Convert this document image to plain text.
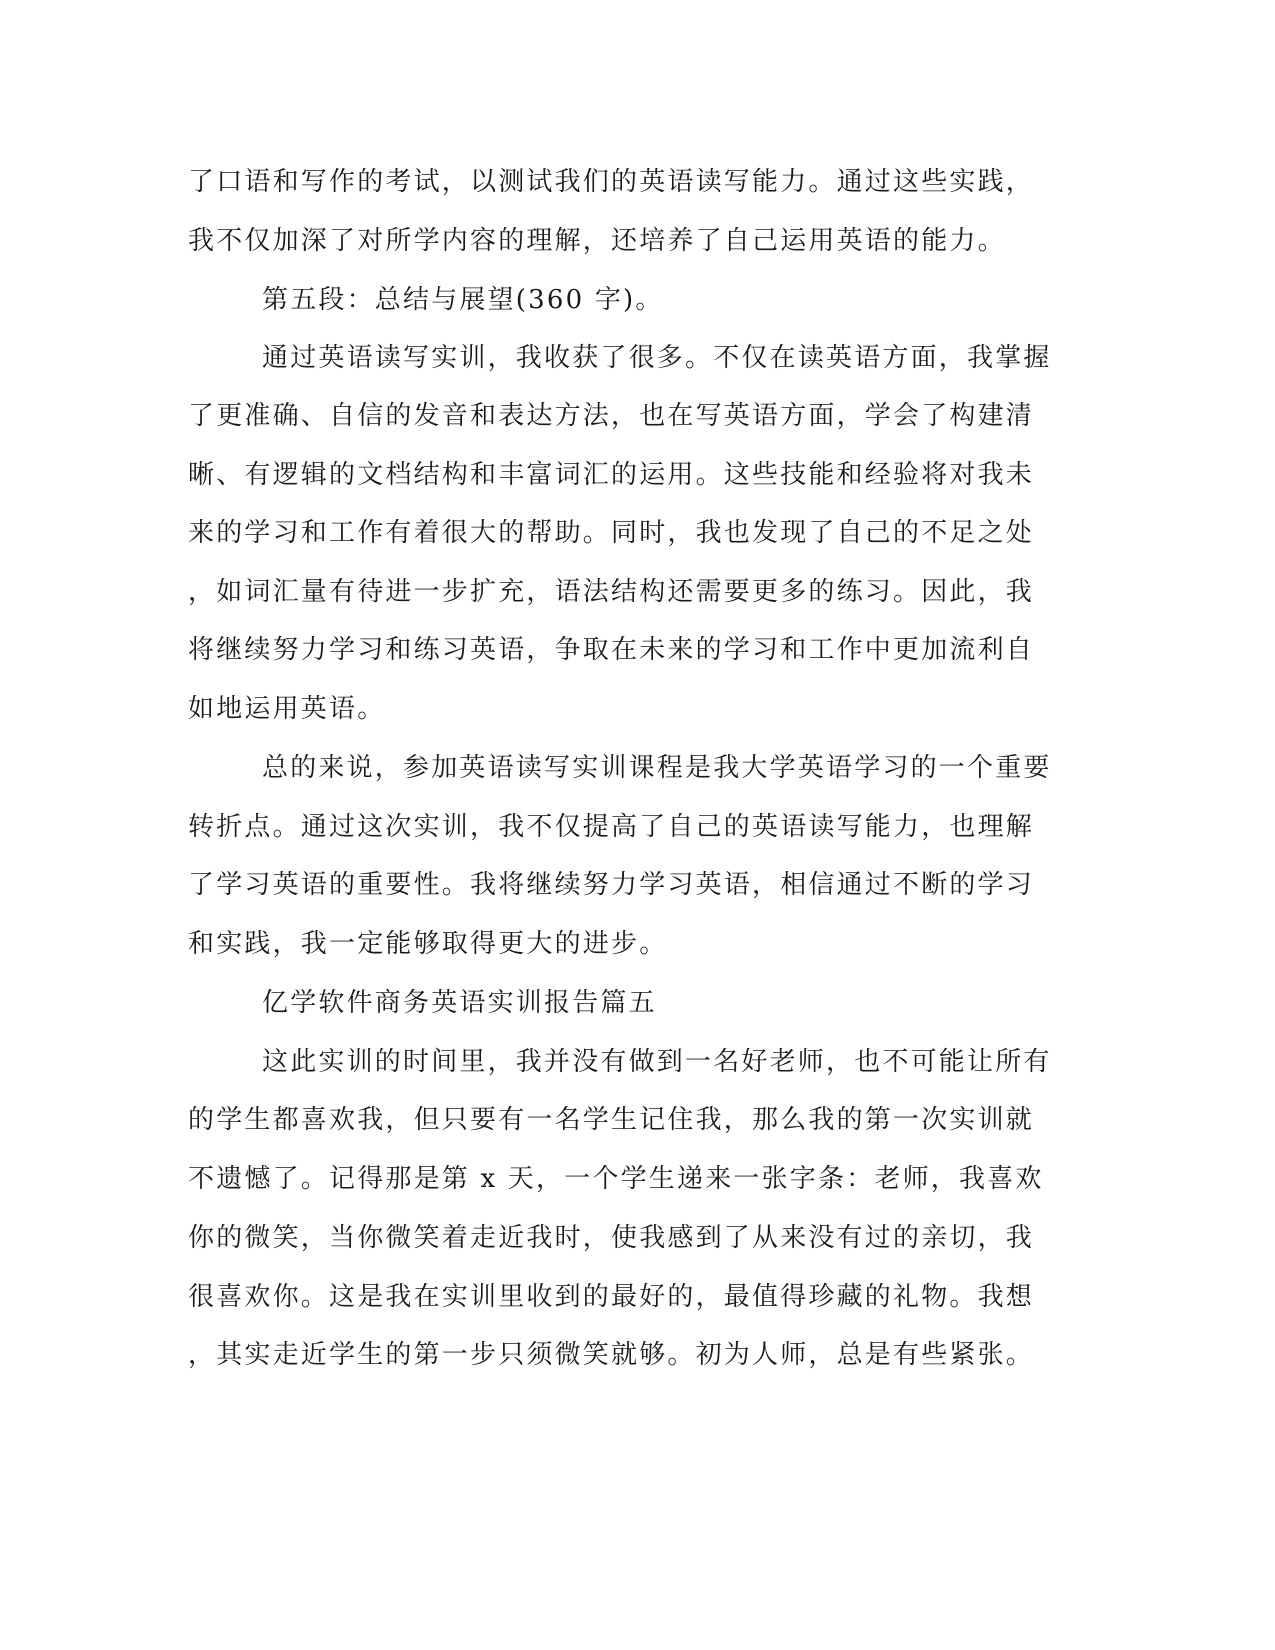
了口语和写作的考试，以测试我们的英语读写能力。通过这些实践，
我不仅加深了对所学内容的理解，还培养了自己运用英语的能力。
第五段：总结与展望(360 字)。
通过英语读写实训，我收获了很多。不仅在读英语方面，我掌握
了更准确、自信的发音和表达方法，也在写英语方面，学会了构建清
晰、有逻辑的文档结构和丰富词汇的运用。这些技能和经验将对我未
来的学习和工作有着很大的帮助。同时，我也发现了自己的不足之处
，如词汇量有待进一步扩充，语法结构还需要更多的练习。因此，我
将继续努力学习和练习英语，争取在未来的学习和工作中更加流利自
如地运用英语。
总的来说，参加英语读写实训课程是我大学英语学习的一个重要
转折点。通过这次实训，我不仅提高了自己的英语读写能力，也理解
了学习英语的重要性。我将继续努力学习英语，相信通过不断的学习
和实践，我一定能够取得更大的进步。
亿学软件商务英语实训报告篇五
这此实训的时间里，我并没有做到一名好老师，也不可能让所有
的学生都喜欢我，但只要有一名学生记住我，那么我的第一次实训就
不遗憾了。记得那是第 x 天，一个学生递来一张字条：老师，我喜欢
你的微笑，当你微笑着走近我时，使我感到了从来没有过的亲切，我
很喜欢你。这是我在实训里收到的最好的，最值得珍藏的礼物。我想
，其实走近学生的第一步只须微笑就够。初为人师，总是有些紧张。
